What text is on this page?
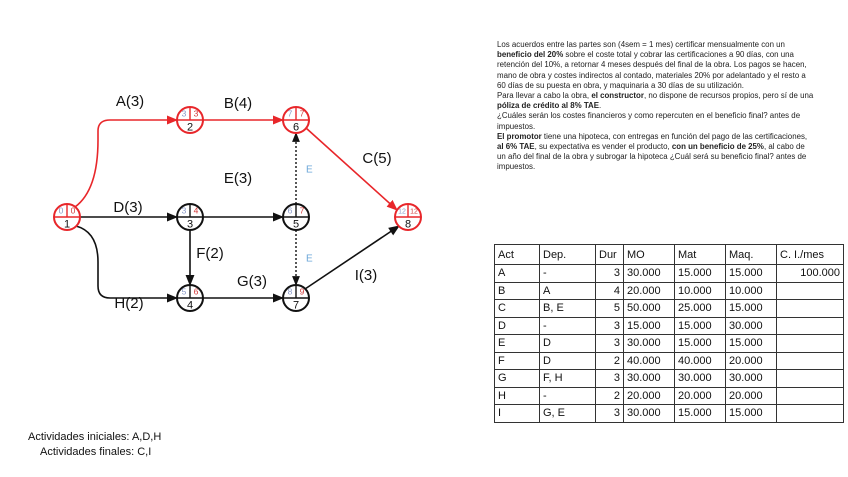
0 0
1
3 3
2
3 4
3
5 6
4
6 7
5
7 7
6
8 9
7
12 12
8
A(3)	B(4)
C(5)
D(3)
E(3)
F(2)
G(3)
H(2)
I(3)
E
E

Los acuerdos entre las partes son (4sem = 1 mes) certificar mensualmente con un beneficio del 20% sobre el coste total y cobrar las certificaciones a 90 días, con una retención del 10%, a retornar 4 meses después del final de la obra. Los pagos se hacen, mano de obra y costes indirectos al contado, materiales 20% por adelantado y el resto a 60 días de su puesta en obra, y maquinaria a 30 días de su utilización.

Para llevar a cabo la obra, el constructor, no dispone de recursos propios, pero sí de una póliza de crédito al 8% TAE.

¿Cuáles serán los costes financieros y como repercuten en el beneficio final? antes de impuestos.

El promotor tiene una hipoteca, con entregas en función del pago de las certificaciones, al 6% TAE, su expectativa es vender el producto, con un beneficio de 25%, al cabo de un año del final de la obra y subrogar la hipoteca ¿Cuál será su beneficio final? antes de impuestos.

Act	Dep.	Dur	MO	Mat	Maq.	C. I./mes
A	-	3	30.000	15.000	15.000	100.000
B	A	4	20.000	10.000	10.000	
C	B, E	5	50.000	25.000	15.000	
D	-	3	15.000	15.000	30.000	
E	D	3	30.000	15.000	15.000	
F	D	2	40.000	40.000	20.000	
G	F, H	3	30.000	30.000	30.000	
H	-	2	20.000	20.000	20.000	
I	G, E	3	30.000	15.000	15.000	
Actividades iniciales: A,D,H
Actividades finales: C,I
